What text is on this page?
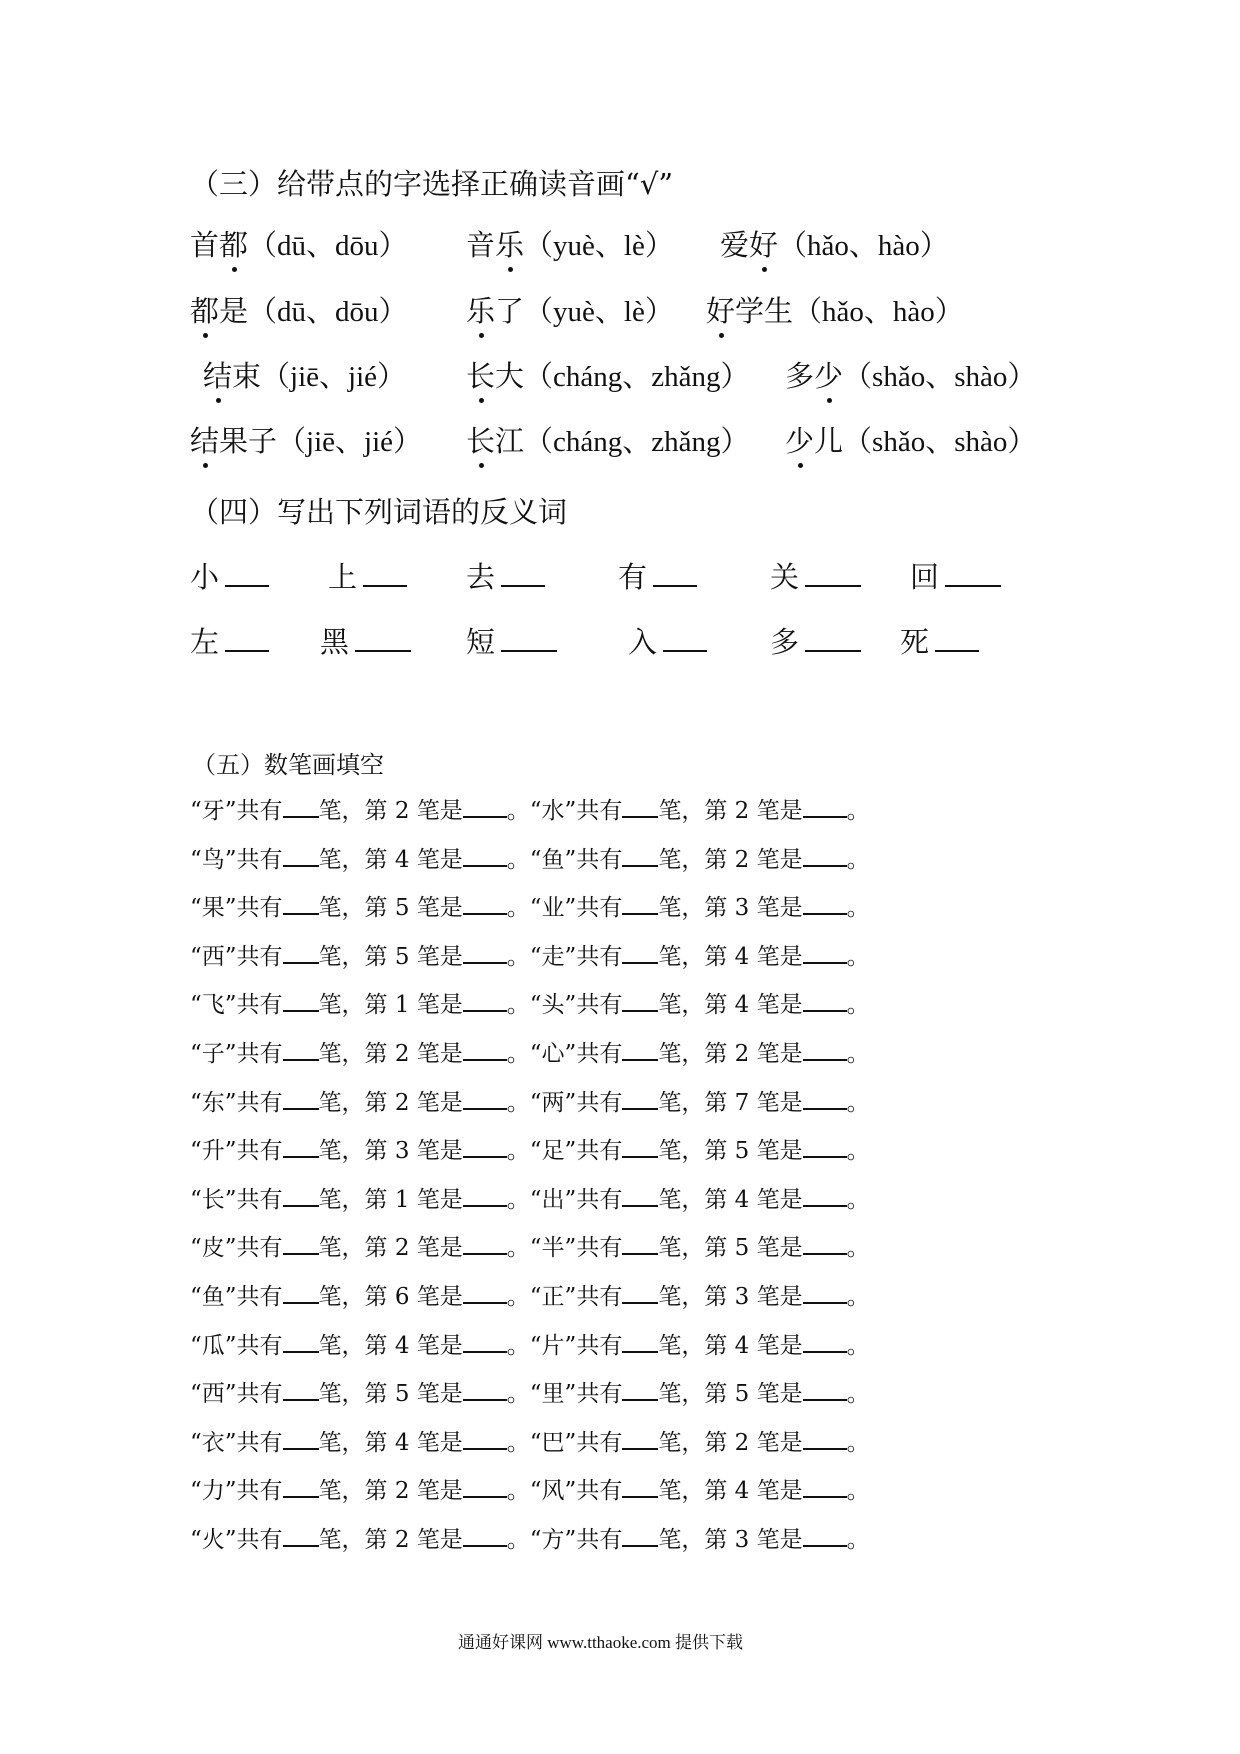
（三）给带点的字选择正确读音画“√”
首都（dū、dōu） 音乐（yuè、lè） 爱好（hǎo、hào）
都是（dū、dōu） 乐了（yuè、lè） 好学生（hǎo、hào）
结束（jiē、jié） 长大（cháng、zhǎng） 多少（shǎo、shào）
结果子（jiē、jié） 长江（cháng、zhǎng） 少儿（shǎo、shào）
（四）写出下列词语的反义词
小	上	去	有	关	回
左	黑	短	入	多	死
（五）数笔画填空
“牙”共有 笔，第 2 笔是 。“水”共有 笔，第 2 笔是 。
“鸟”共有 笔，第 4 笔是 。“鱼”共有 笔，第 2 笔是 。
“果”共有 笔，第 5 笔是 。“业”共有 笔，第 3 笔是 。
“西”共有 笔，第 5 笔是 。“走”共有 笔，第 4 笔是 。
“飞”共有 笔，第 1 笔是 。“头”共有 笔，第 4 笔是 。
“子”共有 笔，第 2 笔是 。“心”共有 笔，第 2 笔是 。
“东”共有 笔，第 2 笔是 。“两”共有 笔，第 7 笔是 。
“升”共有 笔，第 3 笔是 。“足”共有 笔，第 5 笔是 。
“长”共有 笔，第 1 笔是 。“出”共有 笔，第 4 笔是 。
“皮”共有 笔，第 2 笔是 。“半”共有 笔，第 5 笔是 。
“鱼”共有 笔，第 6 笔是 。“正”共有 笔，第 3 笔是 。
“瓜”共有 笔，第 4 笔是 。“片”共有 笔，第 4 笔是 。
“西”共有 笔，第 5 笔是 。“里”共有 笔，第 5 笔是 。
“衣”共有 笔，第 4 笔是 。“巴”共有 笔，第 2 笔是 。
“力”共有 笔，第 2 笔是 。“风”共有 笔，第 4 笔是 。
“火”共有 笔，第 2 笔是 。“方”共有 笔，第 3 笔是 。
通通好课网 www.tthaoke.com 提供下载
